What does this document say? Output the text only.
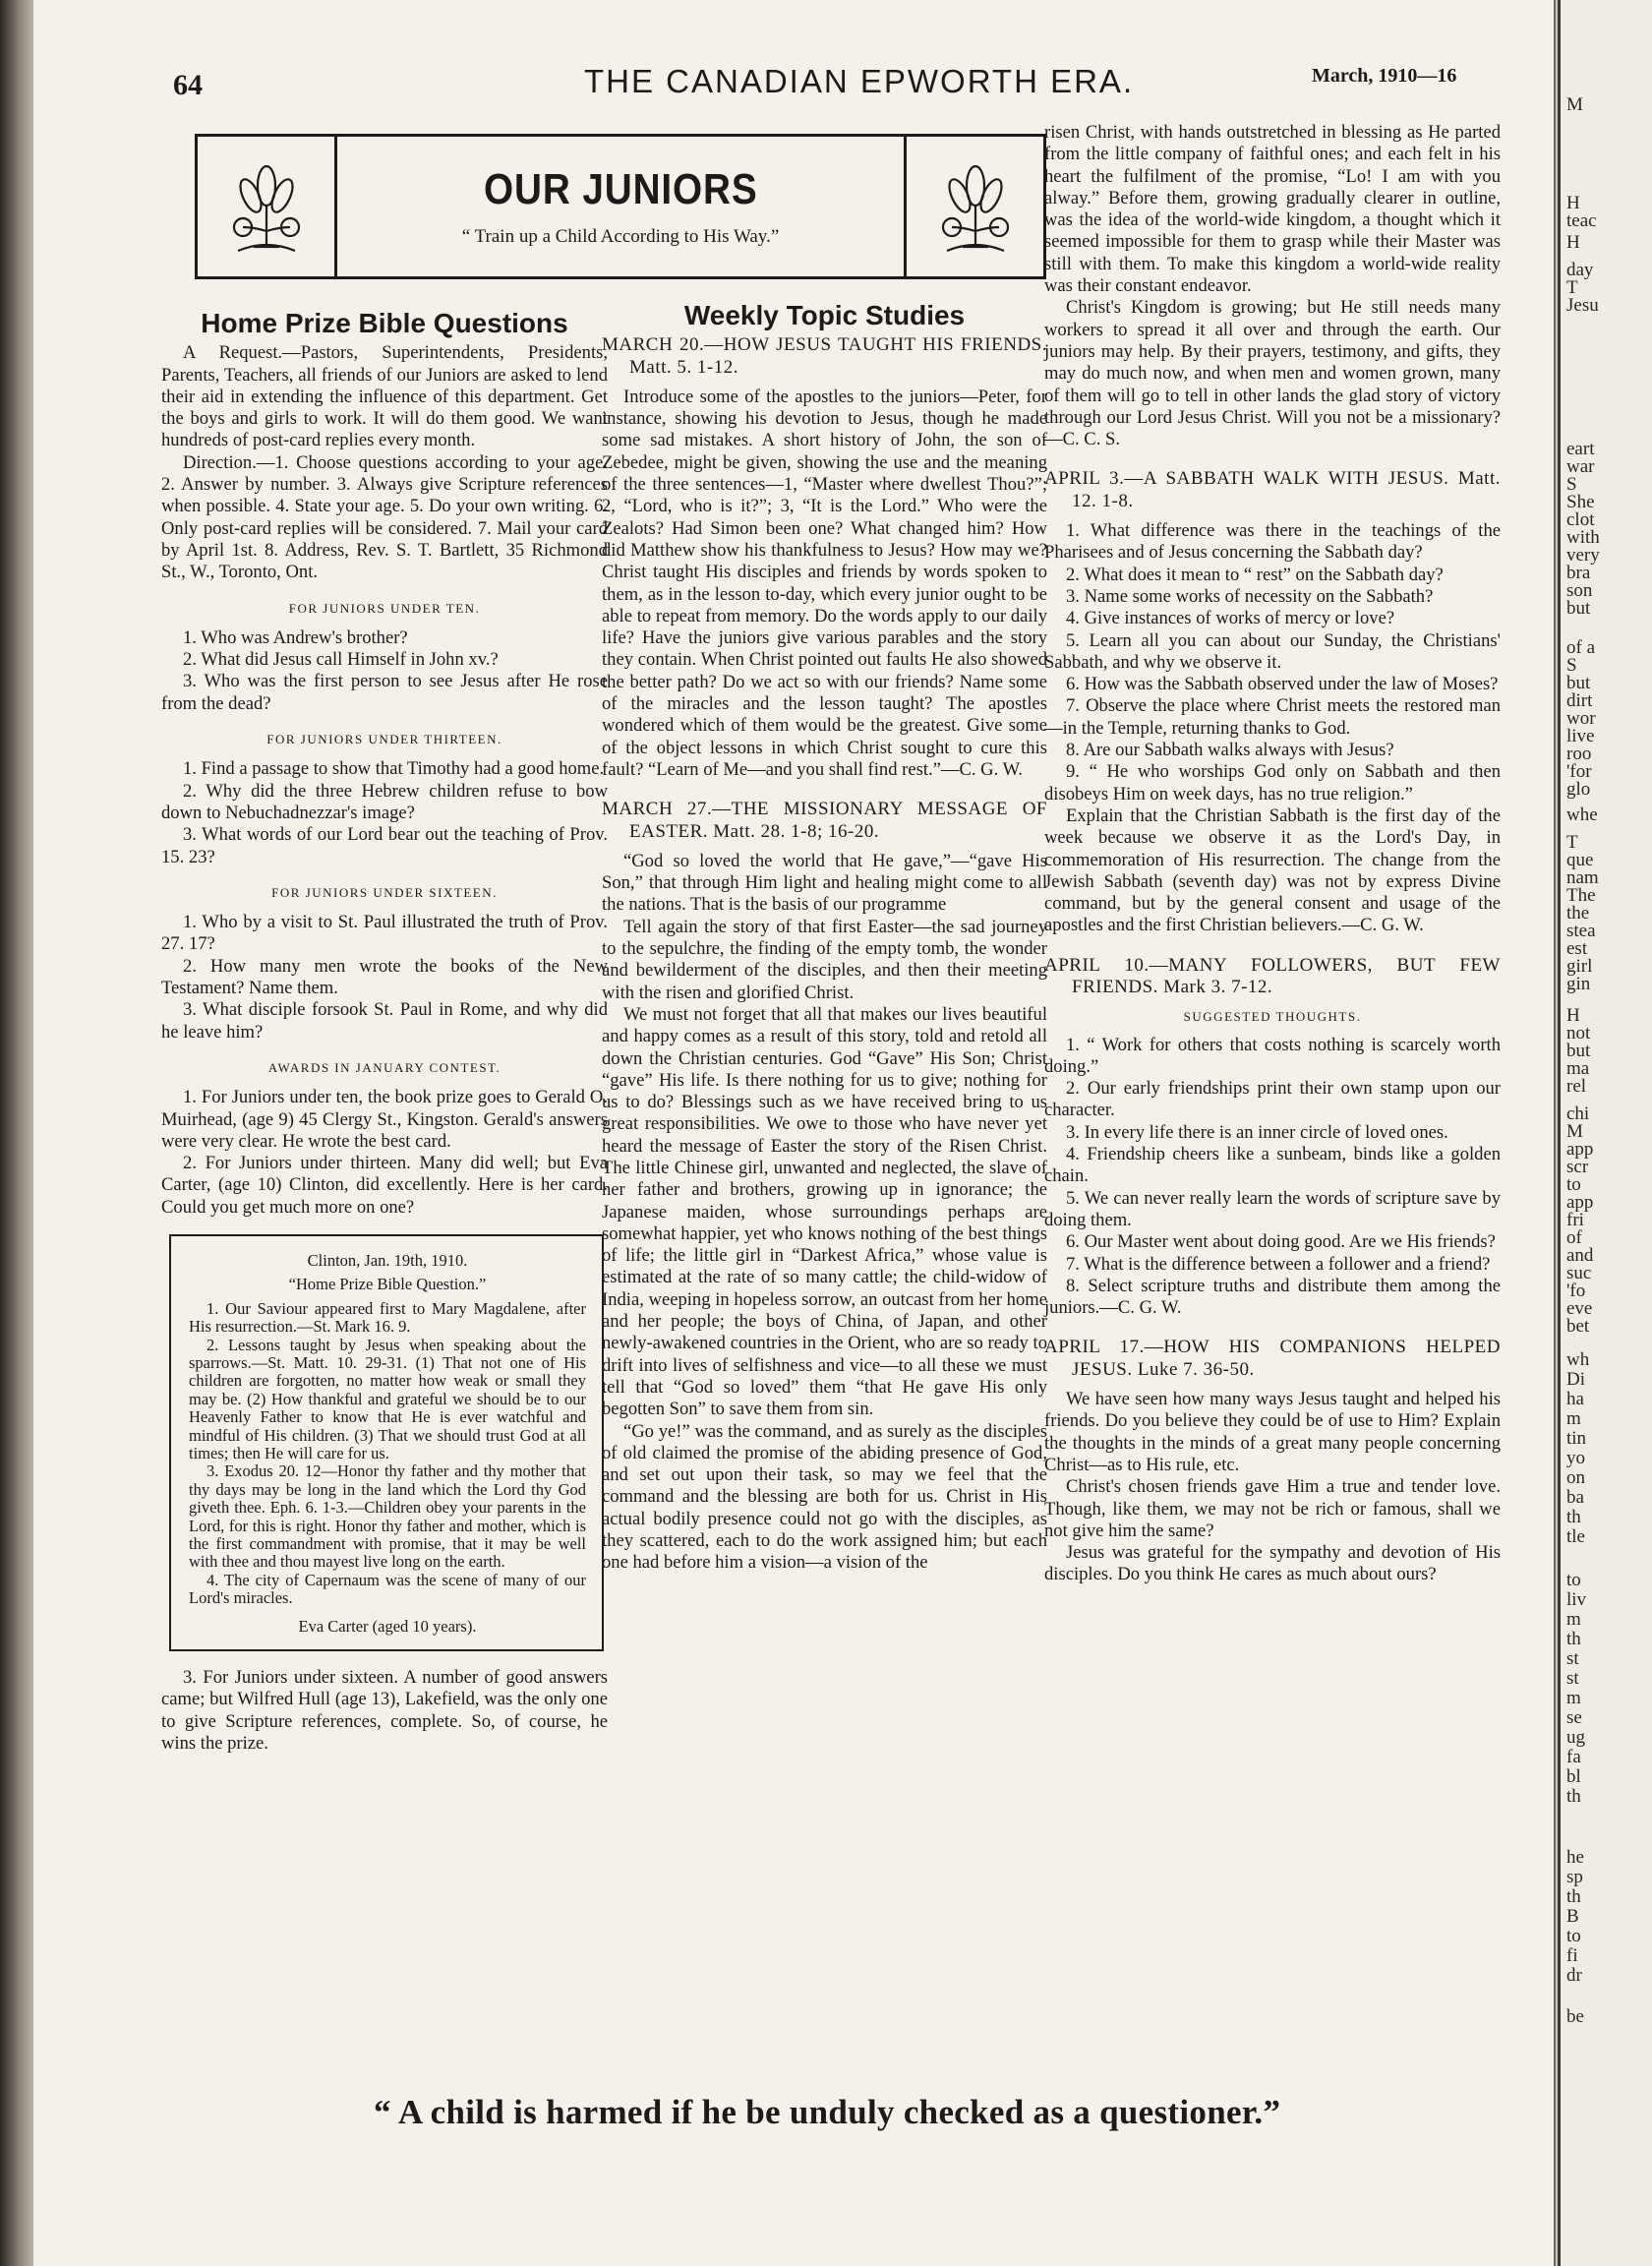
64	THE CANADIAN EPWORTH ERA.	March, 1910—16
OUR JUNIORS

“ Train up a Child According to His Way.”

Home Prize Bible Questions

A Request.—Pastors, Superintendents, Presidents, Parents, Teachers, all friends of our Juniors are asked to lend their aid in extending the influence of this department. Get the boys and girls to work. It will do them good. We want hundreds of post-card replies every month.

Direction.—1. Choose questions according to your age. 2. Answer by number. 3. Always give Scripture references when possible. 4. State your age. 5. Do your own writing. 6. Only post-card replies will be considered. 7. Mail your card by April 1st. 8. Address, Rev. S. T. Bartlett, 35 Richmond St., W., Toronto, Ont.

FOR JUNIORS UNDER TEN.

1. Who was Andrew's brother?

2. What did Jesus call Himself in John xv.?

3. Who was the first person to see Jesus after He rose from the dead?

FOR JUNIORS UNDER THIRTEEN.

1. Find a passage to show that Timothy had a good home.

2. Why did the three Hebrew children refuse to bow down to Nebuchadnezzar's image?

3. What words of our Lord bear out the teaching of Prov. 15. 23?

FOR JUNIORS UNDER SIXTEEN.

1. Who by a visit to St. Paul illustrated the truth of Prov. 27. 17?

2. How many men wrote the books of the New Testament? Name them.

3. What disciple forsook St. Paul in Rome, and why did he leave him?

AWARDS IN JANUARY CONTEST.

1. For Juniors under ten, the book prize goes to Gerald O. Muirhead, (age 9) 45 Clergy St., Kingston. Gerald's answers were very clear. He wrote the best card.

2. For Juniors under thirteen. Many did well; but Eva Carter, (age 10) Clinton, did excellently. Here is her card. Could you get much more on one?

Clinton, Jan. 19th, 1910.
“Home Prize Bible Question.”
1. Our Saviour appeared first to Mary Magdalene, after His resurrection.—St. Mark 16. 9.
2. Lessons taught by Jesus when speaking about the sparrows.—St. Matt. 10. 29-31. (1) That not one of His children are forgotten, no matter how weak or small they may be. (2) How thankful and grateful we should be to our Heavenly Father to know that He is ever watchful and mindful of His children. (3) That we should trust God at all times; then He will care for us.
3. Exodus 20. 12—Honor thy father and thy mother that thy days may be long in the land which the Lord thy God giveth thee. Eph. 6. 1-3.—Children obey your parents in the Lord, for this is right. Honor thy father and mother, which is the first commandment with promise, that it may be well with thee and thou mayest live long on the earth.
4. The city of Capernaum was the scene of many of our Lord's miracles.
Eva Carter (aged 10 years).

3. For Juniors under sixteen. A number of good answers came; but Wilfred Hull (age 13), Lakefield, was the only one to give Scripture references, complete. So, of course, he wins the prize.

Weekly Topic Studies
MARCH 20.—HOW JESUS TAUGHT HIS FRIENDS. Matt. 5. 1-12.

Introduce some of the apostles to the juniors—Peter, for instance, showing his devotion to Jesus, though he made some sad mistakes. A short history of John, the son of Zebedee, might be given, showing the use and the meaning of the three sentences—1, “Master where dwellest Thou?”; 2, “Lord, who is it?”; 3, “It is the Lord.” Who were the Zealots? Had Simon been one? What changed him? How did Matthew show his thankfulness to Jesus? How may we? Christ taught His disciples and friends by words spoken to them, as in the lesson to-day, which every junior ought to be able to repeat from memory. Do the words apply to our daily life? Have the juniors give various parables and the story they contain. When Christ pointed out faults He also showed the better path? Do we act so with our friends? Name some of the miracles and the lesson taught? The apostles wondered which of them would be the greatest. Give some of the object lessons in which Christ sought to cure this fault? “Learn of Me—and you shall find rest.”—C. G. W.

MARCH 27.—THE MISSIONARY MESSAGE OF EASTER. Matt. 28. 1-8; 16-20.

“God so loved the world that He gave,”—“gave His Son,” that through Him light and healing might come to all the nations. That is the basis of our programme

Tell again the story of that first Easter—the sad journey to the sepulchre, the finding of the empty tomb, the wonder and bewilderment of the disciples, and then their meeting with the risen and glorified Christ.

We must not forget that all that makes our lives beautiful and happy comes as a result of this story, told and retold all down the Christian centuries. God “Gave” His Son; Christ “gave” His life. Is there nothing for us to give; nothing for us to do? Blessings such as we have received bring to us great responsibilities. We owe to those who have never yet heard the message of Easter the story of the Risen Christ. The little Chinese girl, unwanted and neglected, the slave of her father and brothers, growing up in ignorance; the Japanese maiden, whose surroundings perhaps are somewhat happier, yet who knows nothing of the best things of life; the little girl in “Darkest Africa,” whose value is estimated at the rate of so many cattle; the child-widow of India, weeping in hopeless sorrow, an outcast from her home and her people; the boys of China, of Japan, and other newly-awakened countries in the Orient, who are so ready to drift into lives of selfishness and vice—to all these we must tell that “God so loved” them “that He gave His only begotten Son” to save them from sin.

“Go ye!” was the command, and as surely as the disciples of old claimed the promise of the abiding presence of God, and set out upon their task, so may we feel that the command and the blessing are both for us. Christ in His actual bodily presence could not go with the disciples, as they scattered, each to do the work assigned him; but each one had before him a vision—a vision of the

risen Christ, with hands outstretched in blessing as He parted from the little company of faithful ones; and each felt in his heart the fulfilment of the promise, “Lo! I am with you alway.” Before them, growing gradually clearer in outline, was the idea of the world-wide kingdom, a thought which it seemed impossible for them to grasp while their Master was still with them. To make this kingdom a world-wide reality was their constant endeavor.

Christ's Kingdom is growing; but He still needs many workers to spread it all over and through the earth. Our juniors may help. By their prayers, testimony, and gifts, they may do much now, and when men and women grown, many of them will go to tell in other lands the glad story of victory through our Lord Jesus Christ. Will you not be a missionary?—C. C. S.

APRIL 3.—A SABBATH WALK WITH JESUS. Matt. 12. 1-8.

1. What difference was there in the teachings of the Pharisees and of Jesus concerning the Sabbath day?

2. What does it mean to “ rest” on the Sabbath day?

3. Name some works of necessity on the Sabbath?

4. Give instances of works of mercy or love?

5. Learn all you can about our Sunday, the Christians' Sabbath, and why we observe it.

6. How was the Sabbath observed under the law of Moses?

7. Observe the place where Christ meets the restored man—in the Temple, returning thanks to God.

8. Are our Sabbath walks always with Jesus?

9. “ He who worships God only on Sabbath and then disobeys Him on week days, has no true religion.”

Explain that the Christian Sabbath is the first day of the week because we observe it as the Lord's Day, in commemoration of His resurrection. The change from the Jewish Sabbath (seventh day) was not by express Divine command, but by the general consent and usage of the apostles and the first Christian believers.—C. G. W.

APRIL 10.—MANY FOLLOWERS, BUT FEW FRIENDS. Mark 3. 7-12.
SUGGESTED THOUGHTS.

1. “ Work for others that costs nothing is scarcely worth doing.”

2. Our early friendships print their own stamp upon our character.

3. In every life there is an inner circle of loved ones.

4. Friendship cheers like a sunbeam, binds like a golden chain.

5. We can never really learn the words of scripture save by doing them.

6. Our Master went about doing good. Are we His friends?

7. What is the difference between a follower and a friend?

8. Select scripture truths and distribute them among the juniors.—C. G. W.

APRIL 17.—HOW HIS COMPANIONS HELPED JESUS. Luke 7. 36-50.

We have seen how many ways Jesus taught and helped his friends. Do you believe they could be of use to Him? Explain the thoughts in the minds of a great many people concerning Christ—as to His rule, etc.

Christ's chosen friends gave Him a true and tender love. Though, like them, we may not be rich or famous, shall we not give him the same?

Jesus was grateful for the sympathy and devotion of His disciples. Do you think He cares as much about ours?

“ A child is harmed if he be unduly checked as a questioner.”
M
H
teac
H
day
T
Jesu
eart
war
S
She
clot
with
very
bra
son
but
of a
S
but
dirt
wor
live
roo
'for
glo
whe
T
que
nam
The
the
stea
est
girl
gin
H
not
but
ma
rel
chi
M
app
scr
to
app
fri
of
and
suc
'fo
eve
bet
wh
Di
ha
m
tin
yo
on
ba
th
tle
to
liv
m
th
st
st
m
se
ug
fa
bl
th
he
sp
th
B
to
fi
dr
be
